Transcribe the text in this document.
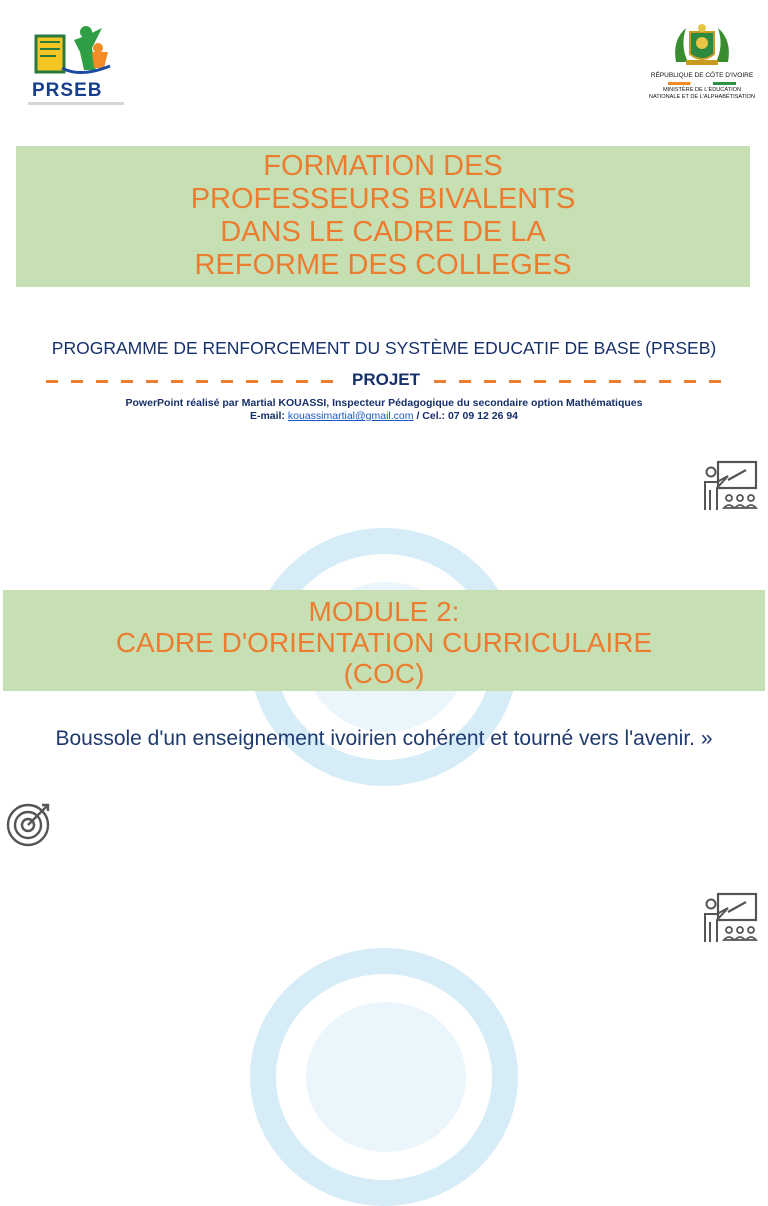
PRSEB
RÉPUBLIQUE DE CÔTE D'IVOIRE
MINISTÈRE DE L'ÉDUCATION
NATIONALE ET DE L'ALPHABÉTISATION
FORMATION DES
PROFESSEURS BIVALENTS
DANS LE CADRE DE LA
REFORME DES COLLEGES
PROGRAMME DE RENFORCEMENT DU SYSTÈME EDUCATIF DE BASE (PRSEB)
PROJET
PowerPoint réalisé par Martial KOUASSI, Inspecteur Pédagogique du secondaire option Mathématiques
E-mail: kouassimartial@gmail.com / Cel.: 07 09 12 26 94
MODULE 2:
CADRE D'ORIENTATION CURRICULAIRE
(COC)
Boussole d'un enseignement ivoirien cohérent et tourné vers l'avenir. »
